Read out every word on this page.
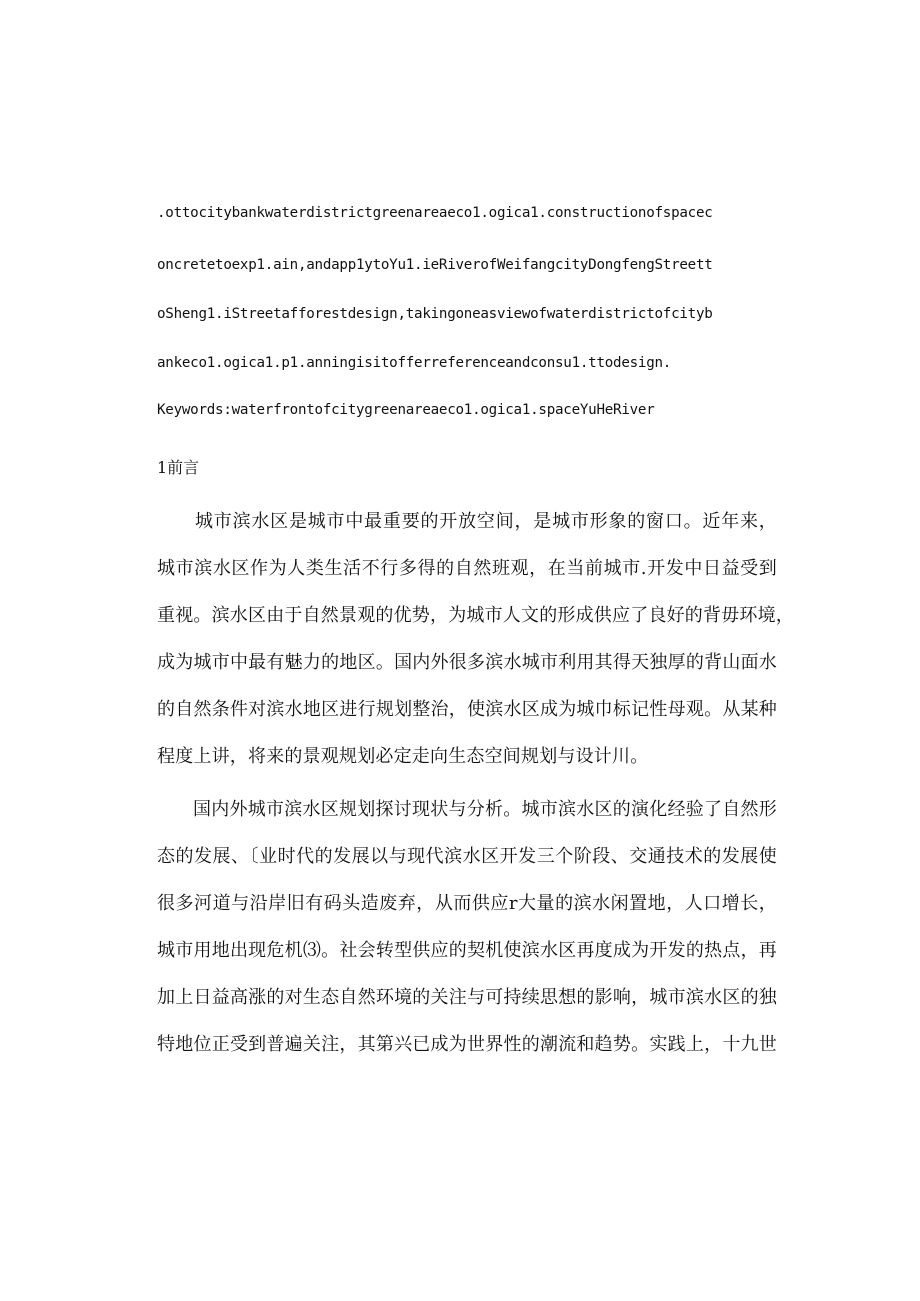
.ottocitybankwaterdistrictgreenareaeco1.ogica1.constructionofspacec
oncretetoexp1.ain,andapp1ytoYu1.ieRiverofWeifangcityDongfengStreett
oSheng1.iStreetafforestdesign,takingoneasviewofwaterdistrictofcityb
ankeco1.ogica1.p1.anningisitofferreferenceandconsu1.ttodesign.
Keywords:waterfrontofcitygreenareaeco1.ogica1.spaceYuHeRiver
1前言
城市滨水区是城市中最重要的开放空间，是城市形象的窗口。近年来，
城市滨水区作为人类生活不行多得的自然班观，在当前城市.开发中日益受到
重视。滨水区由于自然景观的优势，为城市人文的形成供应了良好的背毋环境，
成为城市中最有魅力的地区。国内外很多滨水城市利用其得天独厚的背山面水
的自然条件对滨水地区进行规划整治，使滨水区成为城巾标记性母观。从某种
程度上讲，将来的景观规划必定走向生态空间规划与设计川。
国内外城市滨水区规划探讨现状与分析。城市滨水区的演化经验了自然形
态的发展、〔业时代的发展以与现代滨水区开发三个阶段、交通技术的发展使
很多河道与沿岸旧有码头造废弃，从而供应r大量的滨水闲置地，人口增长，
城市用地出现危机⑶。社会转型供应的契机使滨水区再度成为开发的热点，再
加上日益高涨的对生态自然环境的关注与可持续思想的影响，城市滨水区的独
特地位正受到普遍关注，其第兴已成为世界性的潮流和趋势。实践上，十九世
